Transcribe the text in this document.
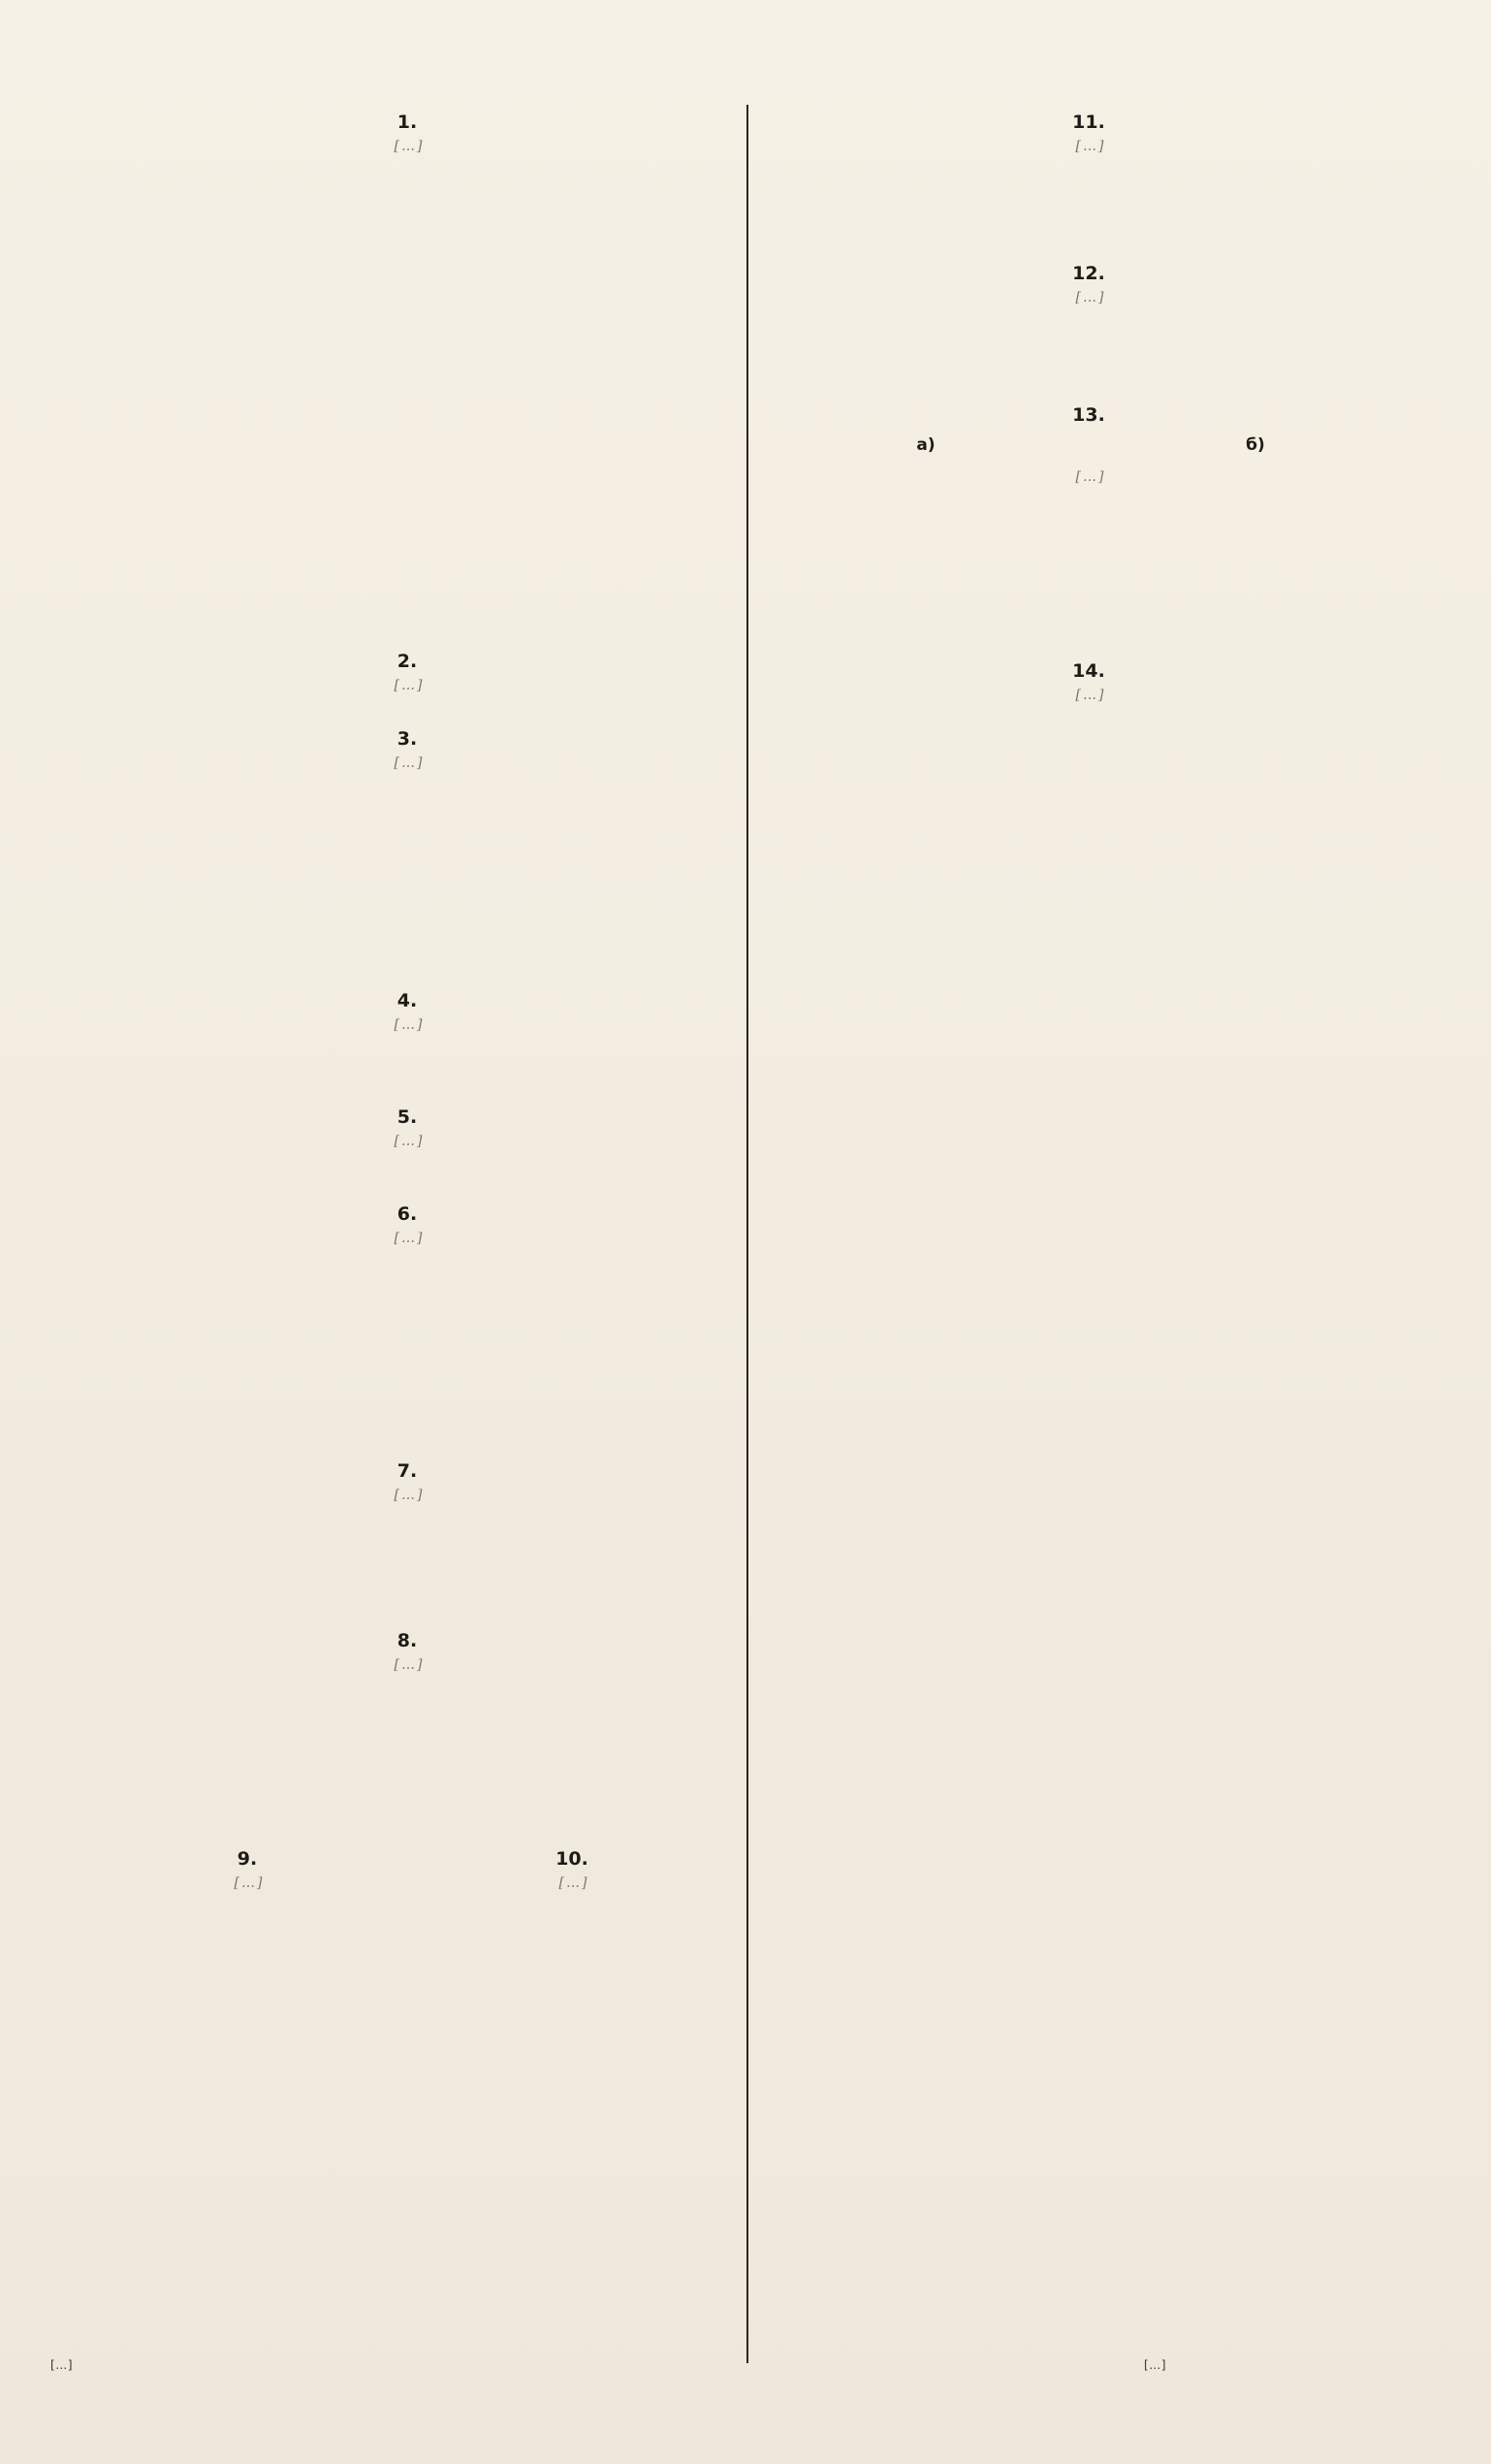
1.
[…]
2.
[…]
3.
[…]
4.
[…]
5.
[…]
6.
[…]
7.
[…]
8.
[…]
9.
[…]
10.
[…]
11.
[…]
12.
[…]
13.
а)	б)
[…]
14.
[…]
[…]	[…]
